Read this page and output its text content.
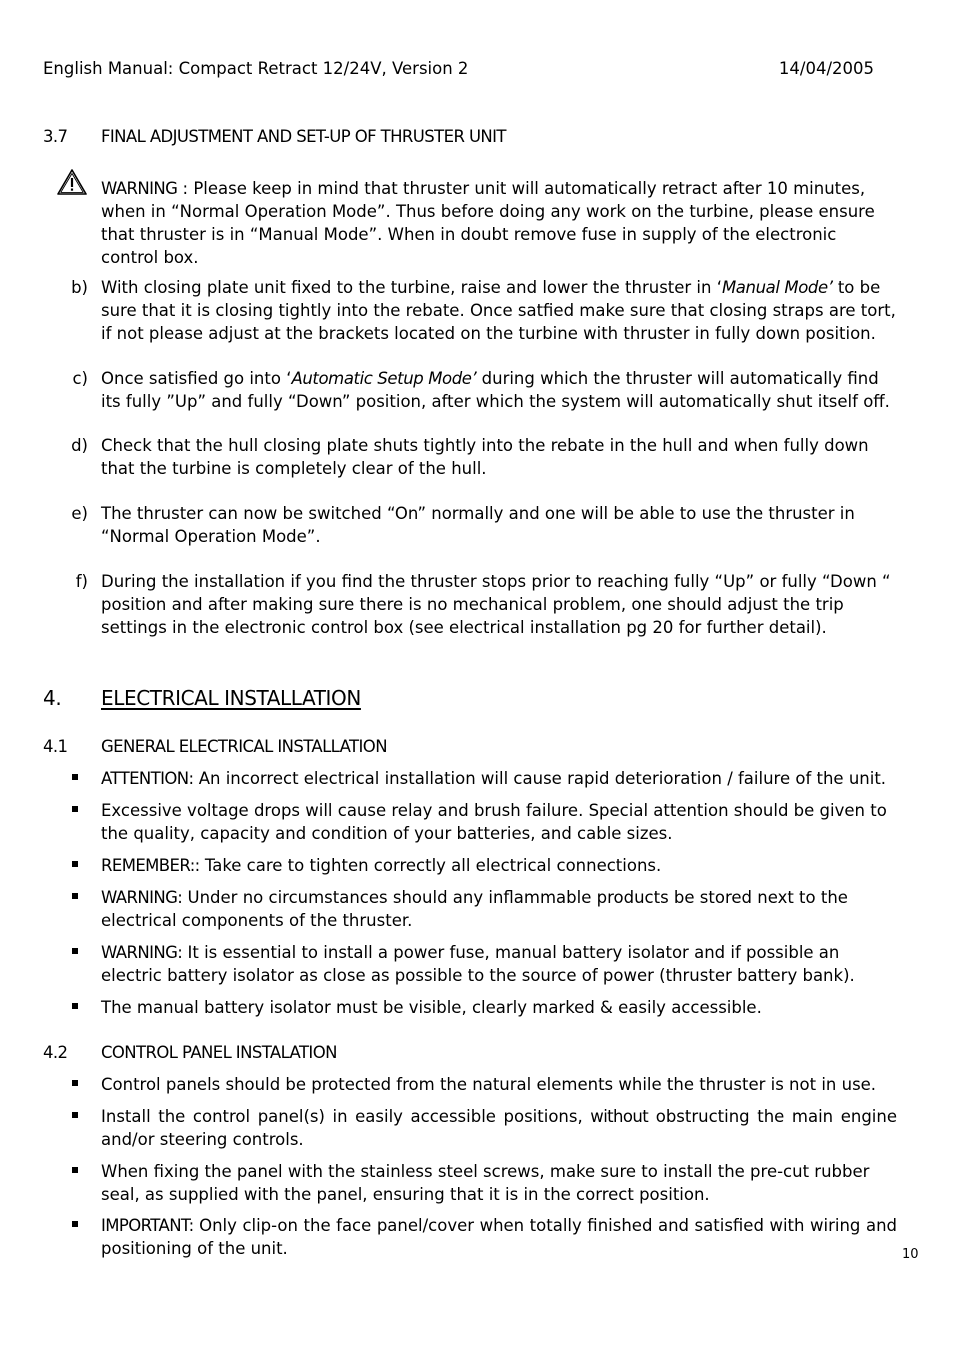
English Manual: Compact Retract 12/24V, Version 2	14/04/2005
3.7 FINAL ADJUSTMENT AND SET-UP OF THRUSTER UNIT
WARNING : Please keep in mind that thruster unit will automatically retract after 10 minutes, when in “Normal Operation Mode”. Thus before doing any work on the turbine, please ensure that thruster is in “Manual Mode”. When in doubt remove fuse in supply of the electronic control box.
b) With closing plate unit fixed to the turbine, raise and lower the thruster in ‘Manual Mode’ to be sure that it is closing tightly into the rebate. Once satfied make sure that closing straps are tort, if not please adjust at the brackets located on the turbine with thruster in fully down position.
c) Once satisfied go into ‘Automatic Setup Mode’ during which the thruster will automatically find its fully ”Up” and fully “Down” position, after which the system will automatically shut itself off.
d) Check that the hull closing plate shuts tightly into the rebate in the hull and when fully down that the turbine is completely clear of the hull.
e) The thruster can now be switched “On” normally and one will be able to use the thruster in “Normal Operation Mode”.
f) During the installation if you find the thruster stops prior to reaching fully “Up” or fully “Down “ position and after making sure there is no mechanical problem, one should adjust the trip settings in the electronic control box (see electrical installation pg 20 for further detail).
4. ELECTRICAL INSTALLATION
4.1 GENERAL ELECTRICAL INSTALLATION
ATTENTION: An incorrect electrical installation will cause rapid deterioration / failure of the unit.
Excessive voltage drops will cause relay and brush failure. Special attention should be given to the quality, capacity and condition of your batteries, and cable sizes.
REMEMBER:: Take care to tighten correctly all electrical connections.
WARNING: Under no circumstances should any inflammable products be stored next to the electrical components of the thruster.
WARNING: It is essential to install a power fuse, manual battery isolator and if possible an electric battery isolator as close as possible to the source of power (thruster battery bank).
The manual battery isolator must be visible, clearly marked & easily accessible.
4.2 CONTROL PANEL INSTALATION
Control panels should be protected from the natural elements while the thruster is not in use.
Install the control panel(s) in easily accessible positions, without obstructing the main engine and/or steering controls.
When fixing the panel with the stainless steel screws, make sure to install the pre-cut rubber seal, as supplied with the panel, ensuring that it is in the correct position.
IMPORTANT: Only clip-on the face panel/cover when totally finished and satisfied with wiring and positioning of the unit.	10
